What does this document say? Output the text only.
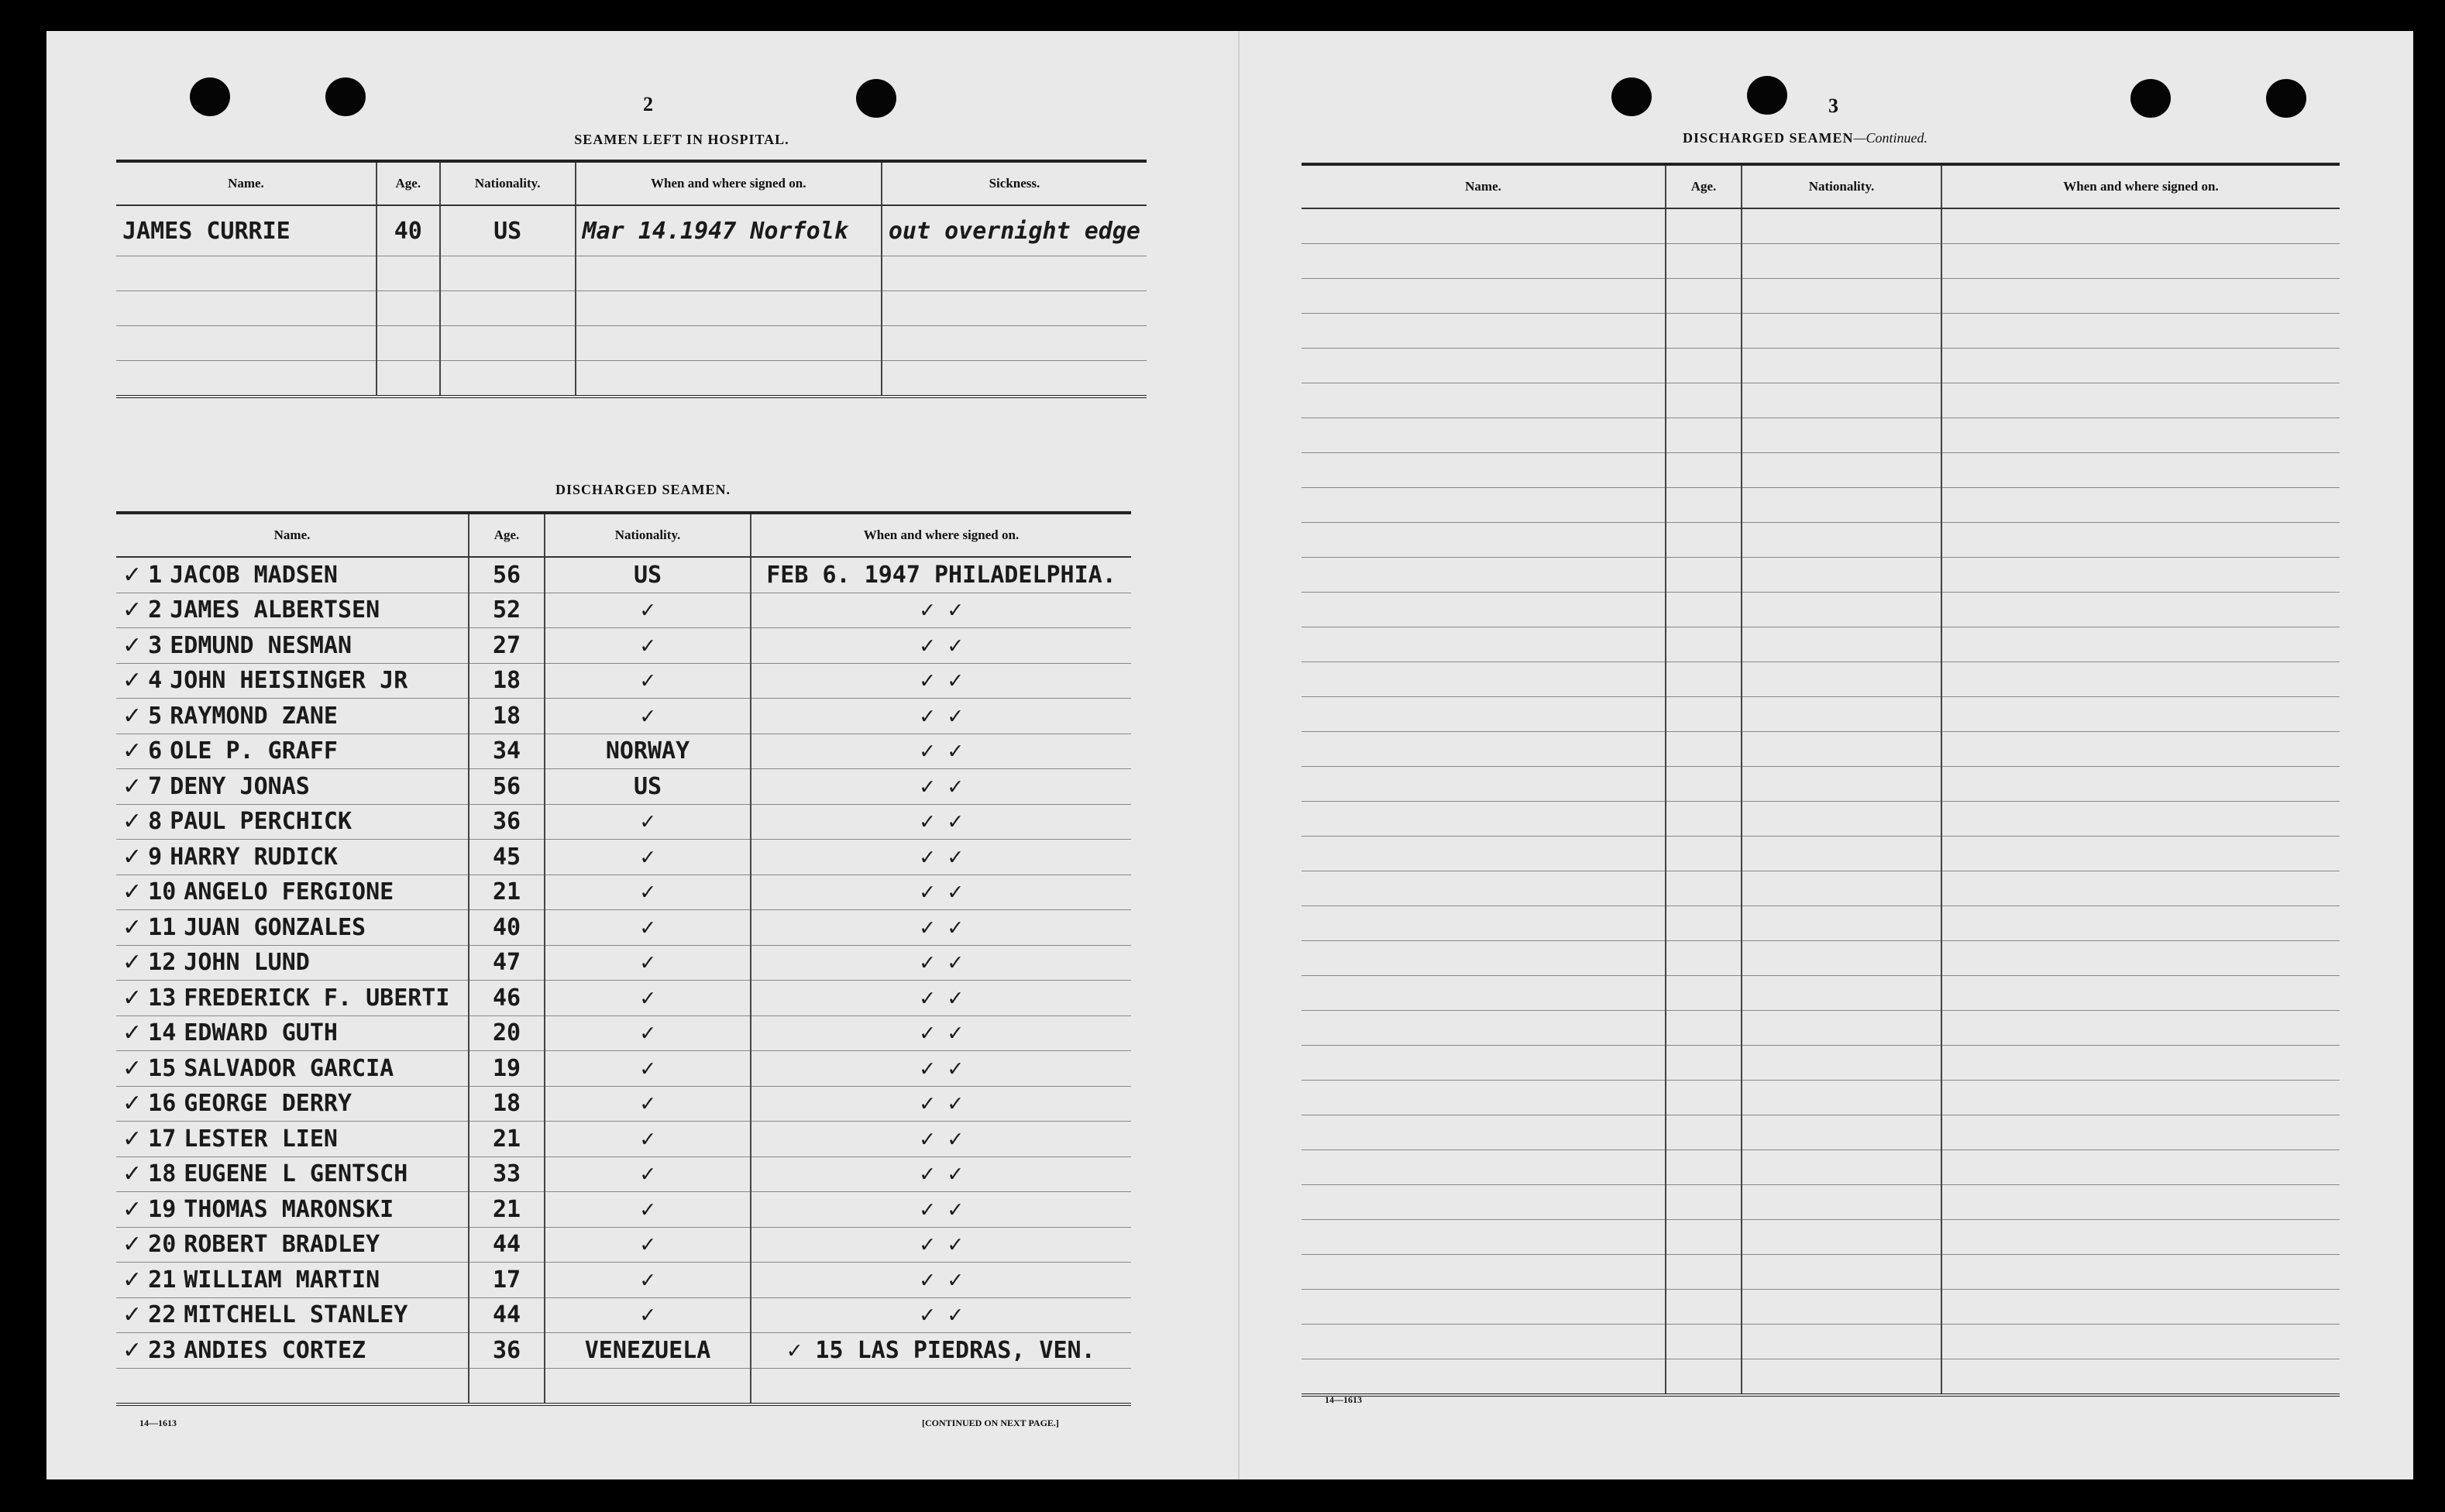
2
SEAMEN LEFT IN HOSPITAL.
Name.	Age.	Nationality.	When and where signed on.	Sickness.
JAMES CURRIE	40	US	Mar 14.1947 Norfolk	out overnight edge

DISCHARGED SEAMEN.
Name.	Age.	Nationality.	When and where signed on.
✓ 1 JACOB MADSEN	56	US	FEB 6. 1947 PHILADELPHIA.
✓ 2 JAMES ALBERTSEN	52	✓	✓ ✓
✓ 3 EDMUND NESMAN	27	✓	✓ ✓
✓ 4 JOHN HEISINGER JR	18	✓	✓ ✓
✓ 5 RAYMOND ZANE	18	✓	✓ ✓
✓ 6 OLE P. GRAFF	34	NORWAY	✓ ✓
✓ 7 DENY JONAS	56	US	✓ ✓
✓ 8 PAUL PERCHICK	36	✓	✓ ✓
✓ 9 HARRY RUDICK	45	✓	✓ ✓
✓ 10 ANGELO FERGIONE	21	✓	✓ ✓
✓ 11 JUAN GONZALES	40	✓	✓ ✓
✓ 12 JOHN LUND	47	✓	✓ ✓
✓ 13 FREDERICK F. UBERTI	46	✓	✓ ✓
✓ 14 EDWARD GUTH	20	✓	✓ ✓
✓ 15 SALVADOR GARCIA	19	✓	✓ ✓
✓ 16 GEORGE DERRY	18	✓	✓ ✓
✓ 17 LESTER LIEN	21	✓	✓ ✓
✓ 18 EUGENE L GENTSCH	33	✓	✓ ✓
✓ 19 THOMAS MARONSKI	21	✓	✓ ✓
✓ 20 ROBERT BRADLEY	44	✓	✓ ✓
✓ 21 WILLIAM MARTIN	17	✓	✓ ✓
✓ 22 MITCHELL STANLEY	44	✓	✓ ✓
✓ 23 ANDIES CORTEZ	36	VENEZUELA	✓ 15 LAS PIEDRAS, VEN.

14—1613	[CONTINUED ON NEXT PAGE.]
3
DISCHARGED SEAMEN—Continued.
Name.	Age.	Nationality.	When and where signed on.

14—1613
